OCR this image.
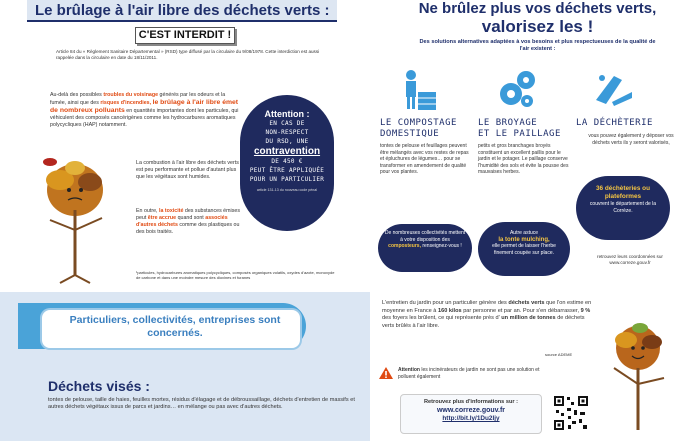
Le brûlage à l'air libre des déchets verts :
C'EST INTERDIT !
Article 84 du « Règlement Sanitaire Départemental » (RSD) type diffusé par la circulaire du 9/08/1978. Cette interdiction est aussi rappelée dans la circulaire en date du 18/11/2011.
Au-delà des possibles troubles du voisinage générés par les odeurs et la fumée, ainsi que des risques d'incendies, le brûlage à l'air libre émet de nombreux polluants en quantités importantes dont les particules, qui véhiculent des composés cancérigènes comme les hydrocarbures aromatiques polycycliques (HAP) notamment.
La combustion à l'air libre des déchets verts est peu performante et pollue d'autant plus que les végétaux sont humides.
En outre, la toxicité des substances émises peut être accrue quand sont associés d'autres déchets comme des plastiques ou des bois traités.
¹particules, hydrocarbures aromatiques polycycliques, composés organiques volatils, oxydes d'azote, monoxyde de carbone et dans une moindre mesure des dioxines et furanes
Attention :
EN CAS DE
NON-RESPECT
DU RSD, UNE
contravention
DE 450 €
PEUT ÊTRE APPLIQUÉE
POUR UN PARTICULIER
article 131-13 du nouveau code pénal
Ne brûlez plus vos déchets verts,
valorisez les !
Des solutions alternatives adaptées à vos besoins et plus respectueuses de la qualité de l'air existent :
LE COMPOSTAGE
DOMESTIQUE
tontes de pelouse et feuillages peuvent être mélangés avec vos restes de repas et épluchures de légumes… pour se transformer en amendement de qualité pour vos plantes.
De nombreuses collectivités mettent à votre disposition des composteurs, renseignez-vous !
LE BROYAGE
ET LE PAILLAGE
petits et gros branchages broyés constituent un excellent paillis pour le jardin et le potager. Le paillage conserve l'humidité des sols et évite la pousse des mauvaises herbes.
Autre astuce
la tonte mulching,
elle permet de laisser l'herbe finement coupée sur place.
LA DÉCHÈTERIE
vous pouvez également y déposer vos déchets verts ils y seront valorisés,
36 déchèteries ou plateformes
couvrent le département de la Corrèze.
retrouvez leurs coordonnées sur www.correze.gouv.fr
Particuliers, collectivités, entreprises sont concernés.
Déchets visés :
tontes de pelouse, taille de haies, feuilles mortes, résidus d'élagage et de débroussaillage, déchets d'entretien de massifs et autres déchets végétaux issus de parcs et jardins… en mélange ou pas avec d'autres déchets.
L'entretien du jardin pour un particulier génère des déchets verts que l'on estime en moyenne en France à 160 kilos par personne et par an. Pour s'en débarrasser, 9 % des foyers les brûlent, ce qui représente près d' un million de tonnes de déchets verts brûlés à l'air libre.
source ADEME
Attention les incinérateurs de jardin ne sont pas une solution et polluent également
Retrouvez plus d'informations sur :
www.correze.gouv.fr
http://bit.ly/1Du2Ijy
